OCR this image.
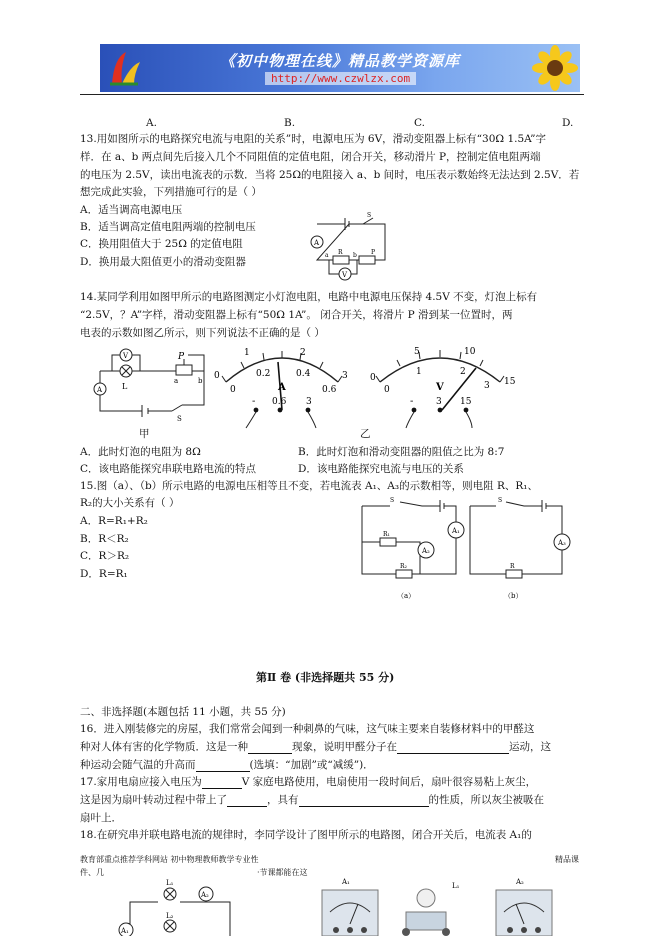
《初中物理在线》精品教学资源库
http://www.czwlzx.com
A.	B.	C.	D.
13.用如图所示的电路探究电流与电阻的关系”时，电源电压为 6V，滑动变阻器上标有“30Ω 1.5A”字
样．在 a、b 两点间先后接入几个不同阻值的定值电阻，闭合开关，移动滑片 P，控制定值电阻两端
的电压为 2.5V，读出电流表的示数．当将 25Ω的电阻接入 a、b 间时，电压表示数始终无法达到 2.5V．若
想完成此实验，下列措施可行的是（ ）
A．适当调高电源电压
B．适当调高定值电阻两端的控制电压
C．换用阻值大于 25Ω 的定值电阻
D．换用最大阻值更小的滑动变阻器
S
A
a R b P
V
14.某同学利用如图甲所示的电路图测定小灯泡电阻，电路中电源电压保持 4.5V 不变，灯泡上标有
“2.5V，？A”字样，滑动变阻器上标有“50Ω 1A”。 闭合开关，将滑片 P 滑到某一位置时，两
电表的示数如图乙所示，则下列说法不正确的是（ ）
V	P
a	b
A L
S
甲
1	2
3
0
0
0.2	0.4
0.6
A
- 0.6 3
0
5	10
15
0
1	2
3
V
-	3 15
乙
A．此时灯泡的电阻为 8Ω	B．此时灯泡和滑动变阻器的阻值之比为 8:7
C．该电路能探究串联电路电流的特点	D．该电路能探究电流与电压的关系
15.图（a）、（b）所示电路的电源电压相等且不变，若电流表 A₁、A₃的示数相等，则电阻 R、R₁、
R₂的大小关系有（ ）
A．R=R₁+R₂
B．R＜R₂
C．R＞R₂
D．R=R₁
S
A₁
A₂
R₁
R₂
S
A₃
R
（a）	（b）
第Ⅱ 卷 (非选择题共 55 分)
二、非选择题(本题包括 11 小题，共 55 分)
16．进入刚装修完的房屋，我们常常会闻到一种刺鼻的气味，这气味主要来自装修材料中的甲醛这
种对人体有害的化学物质．这是一种	现象，说明甲醛分子在	运动，这
种运动会随气温的升高而	(选填：“加剧”或“减缓”)．
17.家用电扇应接入电压为	V 家庭电路使用，电扇使用一段时间后，扇叶很容易粘上灰尘，
这是因为扇叶转动过程中带上了	，具有	的性质，所以灰尘被吸在
扇叶上．
18.在研究串并联电路电流的规律时，李同学设计了图甲所示的电路图，闭合开关后，电流表 A₁的
教育部重点推荐学科网站 初中物理教师教学专业性
件、几	·节课都能在这
精品课
L₁
A₂
L₂
A₁
A₁	L₁	A₂
